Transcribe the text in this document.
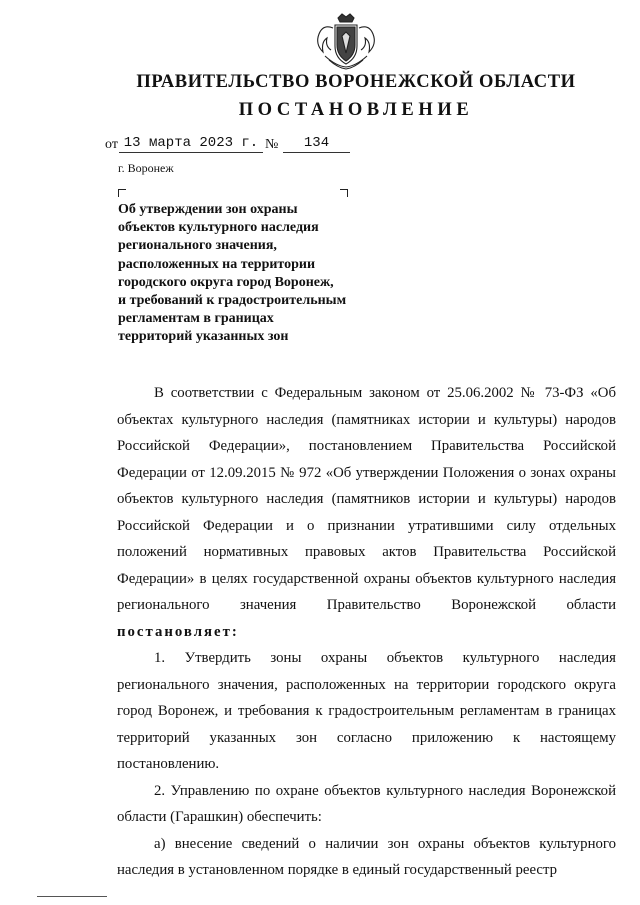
ПРАВИТЕЛЬСТВО ВОРОНЕЖСКОЙ ОБЛАСТИ
ПОСТАНОВЛЕНИЕ
от 13 марта 2023 г. №	134
г. Воронеж
Об утверждении зон охраны
объектов культурного наследия
регионального значения,
расположенных на территории
городского округа город Воронеж,
и требований к градостроительным
регламентам в границах
территорий указанных зон

В соответствии с Федеральным законом от 25.06.2002 № 73-ФЗ «Об объектах культурного наследия (памятниках истории и культуры) народов Российской Федерации», постановлением Правительства Российской Федерации от 12.09.2015 № 972 «Об утверждении Положения о зонах охраны объектов культурного наследия (памятников истории и культуры) народов Российской Федерации и о признании утратившими силу отдельных положений нормативных правовых актов Правительства Российской Федерации» в целях государственной охраны объектов культурного наследия регионального значения Правительство Воронежской области постановляет:

1. Утвердить зоны охраны объектов культурного наследия регионального значения, расположенных на территории городского округа город Воронеж, и требования к градостроительным регламентам в границах территорий указанных зон согласно приложению к настоящему постановлению.

2. Управлению по охране объектов культурного наследия Воронежской области (Гарашкин) обеспечить:

а) внесение сведений о наличии зон охраны объектов культурного наследия в установленном порядке в единый государственный реестр
